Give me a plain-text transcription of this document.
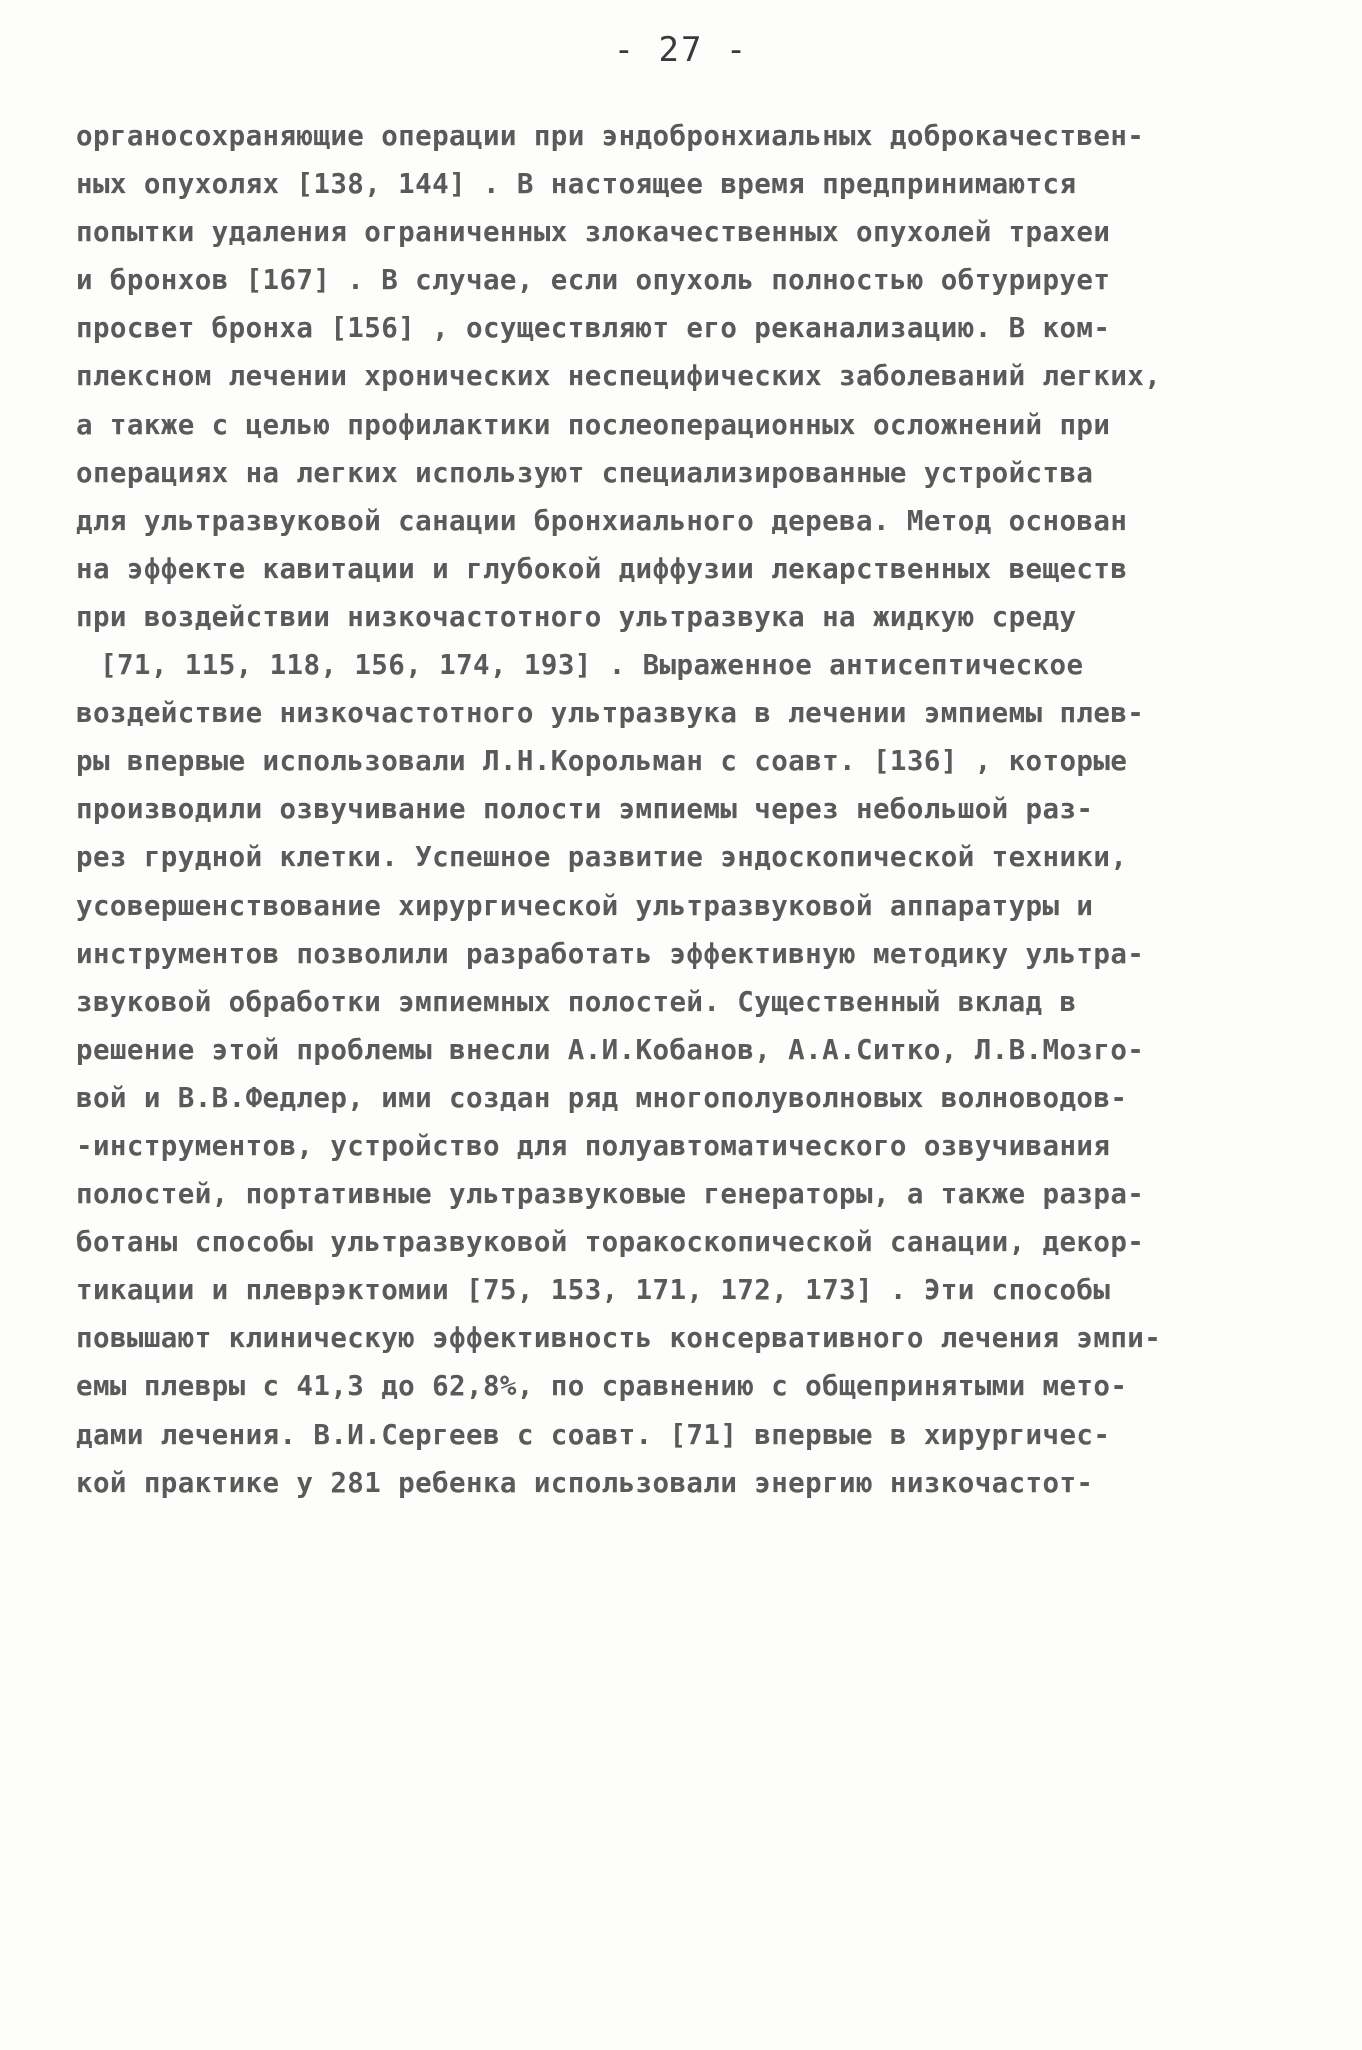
- 27 -
органосохраняющие операции при эндобронхиальных доброкачествен-
ных опухолях [138, 144] . В настоящее время предпринимаются
попытки удаления ограниченных злокачественных опухолей трахеи
и бронхов [167] . В случае, если опухоль полностью обтурирует
просвет бронха [156] , осуществляют его реканализацию. В ком-
плексном лечении хронических неспецифических заболеваний легких,
а также с целью профилактики послеоперационных осложнений при
операциях на легких используют специализированные устройства
для ультразвуковой санации бронхиального дерева. Метод основан
на эффекте кавитации и глубокой диффузии лекарственных веществ
при воздействии низкочастотного ультразвука на жидкую среду
[71, 115, 118, 156, 174, 193] . Выраженное антисептическое
воздействие низкочастотного ультразвука в лечении эмпиемы плев-
ры впервые использовали Л.Н.Корольман с соавт. [136] , которые
производили озвучивание полости эмпиемы через небольшой раз-
рез грудной клетки. Успешное развитие эндоскопической техники,
усовершенствование хирургической ультразвуковой аппаратуры и
инструментов позволили разработать эффективную методику ультра-
звуковой обработки эмпиемных полостей. Существенный вклад в
решение этой проблемы внесли А.И.Кобанов, А.А.Ситко, Л.В.Мозго-
вой и В.В.Федлер, ими создан ряд многополуволновых волноводов-
-инструментов, устройство для полуавтоматического озвучивания
полостей, портативные ультразвуковые генераторы, а также разра-
ботаны способы ультразвуковой торакоскопической санации, декор-
тикации и плеврэктомии [75, 153, 171, 172, 173] . Эти способы
повышают клиническую эффективность консервативного лечения эмпи-
емы плевры с 41,3 до 62,8%, по сравнению с общепринятыми мето-
дами лечения. В.И.Сергеев с соавт. [71] впервые в хирургичес-
кой практике у 281 ребенка использовали энергию низкочастот-
